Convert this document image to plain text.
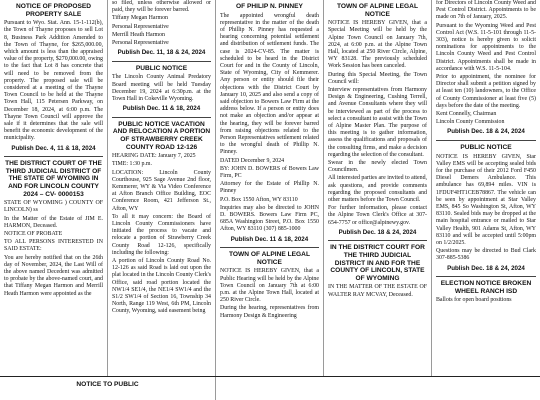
NOTICE OF PROPOSED PROPERTY SALE

Pursuant to Wyo. Stat. Ann. 15-1-112(b), the Town of Thayne proposes to sell Lot 8, Business Park Addition Amended to the Town of Thayne, for $265,000.00, which amount is less than the appraised value of the property, $270,000.00, owing to the fact that Lot 8 has concrete that will need to be removed from the property. The proposed sale will be considered at a meeting of the Thayne Town Council to be held at the Thayne Town Hall, 115 Petersen Parkway, on December 18, 2024, at 6:00 p.m. The Thayne Town Council will approve the sale if it determines that the sale will benefit the economic development of the municipality.

Publish Dec. 4, 11 & 18, 2024
THE DISTRICT COURT OF THE THIRD JUDICIAL DISTRICT OF THE STATE OF WYOMING IN AND FOR LINCOLN COUNTY 2024 – CV- 0000153

STATE OF WYOMING ) COUNTY OF LINCOLN) ss

In the Matter of the Estate of JIM E. HARMON, Deceased.

NOTICE OF PROBATE

TO ALL PERSONS INTERESTED IN SAID ESTATE:

You are hereby notified that on the 26th day of November, 2024, the Last Will of the above named Decedent was admitted to probate by the above-named court, and that Tiffany Megan Harmon and Merrill Heath Harmon were appointed as the

so filed, unless otherwise allowed or paid, they will be forever barred.

Tiffany Megan Harmon

Personal Representative

Merrill Heath Harmon

Personal Representative

Publish Dec. 11, 18 & 24, 2024
PUBLIC NOTICE

The Lincoln County Animal Predatory Board meeting will be held Tuesday December 19, 2024 at 6:30p.m. at the Town Hall in Cokeville Wyoming.

Publish Dec. 11 & 18, 2024
PUBLIC NOTICE VACATION AND RELOCATION A PORTION OF STRAWBERRY CREEK COUNTY ROAD 12-126

HEARING DATE: January 7, 2025

TIME: 1:30 p.m.

LOCATION: Lincoln County Courthouse, 925 Sage Avenue 2nd floor, Kemmerer, WY & Via Video Conference at Afton Branch Office Building, EOC Conference Room, 421 Jefferson St., Afton, WY

To all it may concern: the Board of Lincoln County Commissioners have initiated the process to vacate and relocate a portion of Strawberry Creek County Road 12-126, specifically including the following:

A portion of Lincoln County Road No. 12-126 as said Road is laid out upon the plat located in the Lincoln County Clerk's Office, said road portion located the NW1/4 SE1/4, the NE1/4 SW1/4 and the S1/2 SW1/4 of Section 16, Township 34 North, Range 119 West, 6th PM, Lincoln County, Wyoming, said easement being

OF PHILIP N. PINNEY

The appointed wrongful death representative in the matter of the death of Phillip N. Pinney has requested a hearing concerning potential settlement and distribution of settlement funds. The case is 2024-CV-85. The matter is scheduled to be heard in the District Court for and in the County of Lincoln, State of Wyoming, City of Kemmerer. Any person or entity should file their objections with the District Court by January 10, 2025 and also send a copy of said objection to Bowers Law Firm at the address below. If a person or entity does not make an objection and/or appear at the hearing, they will be forever barred from raising objections related to the Person Representatives settlement related to the wrongful death of Phillip N. Pinney.

DATED December 9, 2024

BY: JOHN D. BOWERS of Bowers Law Firm, PC

Attorney for the Estate of Phillip N. Pinney

P.O. Box 1550 Afton, WY 83110

Inquiries may also be directed to JOHN D. BOWERS. Bowers Law Firm PC, 685A Washington Street, P.O. Box 1550 Afton, WY 83110 (307) 885-1000

Publish Dec. 11 & 18, 2024
TOWN OF ALPINE LEGAL NOTICE

NOTICE IS HEREBY GIVEN, that a Public Hearing will be held by the Alpine Town Council on January 7th at 6:00 p.m. at the Alpine Town Hall, located at 250 River Circle.

During the hearing, representatives from Harmony Design & Engineering

TOWN OF ALPINE LEGAL NOTICE

NOTICE IS HEREBY GIVEN, that a Special Meeting will be held by the Alpine Town Council on January 7th, 2024, at 6:00 p.m. at the Alpine Town Hall, located at 250 River Circle, Alpine, WY 83128. The previously scheduled Work Session has been canceled.

During this Special Meeting, the Town Council will:

Interview representatives from Harmony Design & Engineering, Cushing Terrell, and Avenue Consultants where they will be interviewed as part of the process to select a consultant to assist with the Town of Alpine Master Plan. The purpose of this meeting is to gather information, assess the qualifications and proposals of the consulting firms, and make a decision regarding the selection of the consultant.

Swear in the newly elected Town Councilmen.

All interested parties are invited to attend, ask questions, and provide comments regarding the proposed consultants and other matters before the Town Council.

For further information, please contact the Alpine Town Clerk's Office at 307-654-7757 or office@alpinewy.gov.

Publish Dec. 18 & 24, 2024
IN THE DISTRICT COURT FOR THE THIRD JUDICIAL DISTRICT IN AND FOR THE COUNTY OF LINCOLN, STATE OF WYOMING

IN THE MATTER OF THE ESTATE OF WALTER RAY MCVAY, Deceased.

for Directors of Lincoln County Weed and Pest Control District. Appointments to be made on 7th of January, 2025.

Pursuant to the Wyoming Weed and Pest Control Act (W.S. 11-5-101 through 11-5-303), notice is hereby given to solicit nominations for appointments to the Lincoln County Weed and Pest Control District. Appointments shall be made in accordance with W.S. 11-5-104.

Prior to appointment, the nominee for Director shall submit a petition signed by at least ten (10) landowners, to the Office of County Commissioner at least five (5) days before the date of the meeting.

Kent Connelly, Chairman

Lincoln County Commission

Publish Dec. 18 & 24, 2024
PUBLIC NOTICE

NOTICE IS HEREBY GIVEN, Star Valley EMS will be accepting sealed bids for the purchase of their 2012 Ford F450 Diesel Demers Ambulance. This ambulance has 69,894 miles. VIN is 1FDUF4HT1CEB78867. The vehicle can be seen by appointment at Star Valley EMS, 845 So Washington St, Afton, WY 83110. Sealed bids may be dropped at the main hospital entrance or mailed to Star Valley Health, 901 Adams St, Afton, WY 83110 and will be accepted until 5:00pm on 1/2/2025.

Questions may be directed to Bud Clark 307-885-5386

Publish Dec. 18 & 24, 2024
ELECTION NOTICE BROKEN WHEEL RANCH ISD

Ballots for open board positions

NOTICE TO PUBLIC
